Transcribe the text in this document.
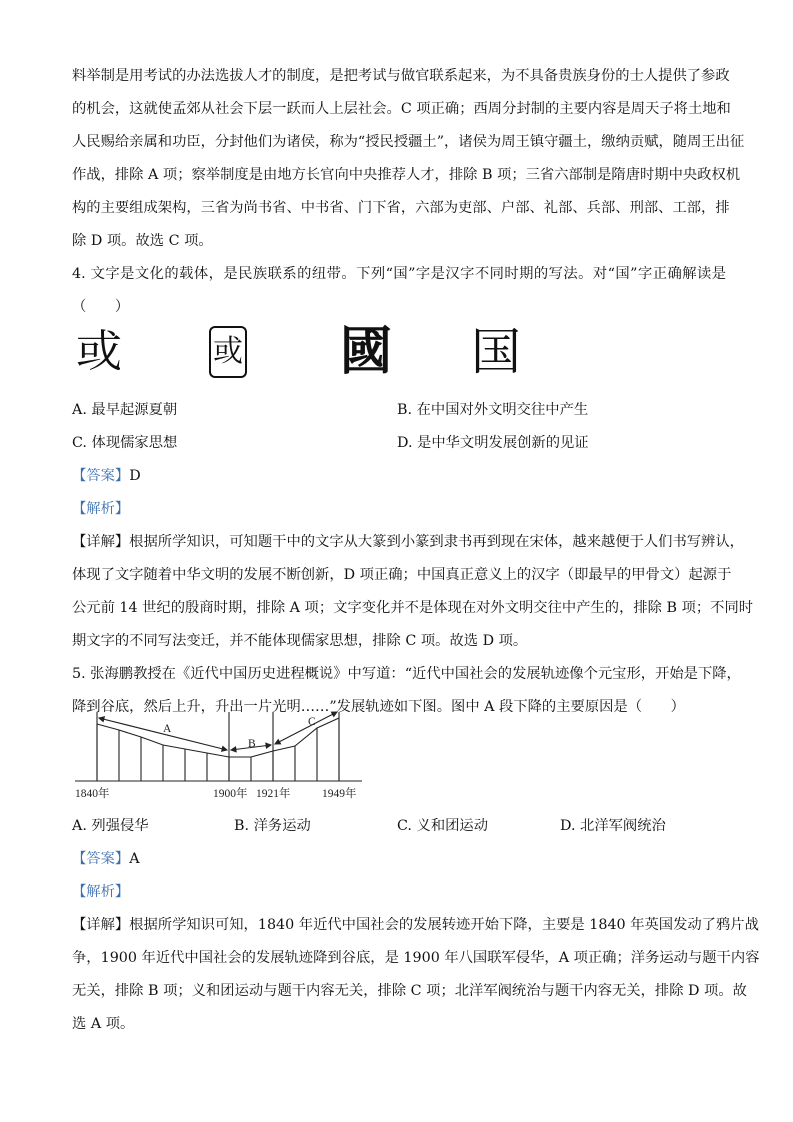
料举制是用考试的办法选拔人才的制度，是把考试与做官联系起来，为不具备贵族身份的士人提供了参政
的机会，这就使孟郊从社会下层一跃而人上层社会。C 项正确；西周分封制的主要内容是周天子将土地和
人民赐给亲属和功臣，分封他们为诸侯，称为“授民授疆土”，诸侯为周王镇守疆土，缴纳贡赋，随周王出征
作战，排除 A 项；察举制度是由地方长官向中央推荐人才，排除 B 项；三省六部制是隋唐时期中央政权机
构的主要组成架构，三省为尚书省、中书省、门下省，六部为吏部、户部、礼部、兵部、刑部、工部，排
除 D 项。故选 C 项。
4. 文字是文化的载体，是民族联系的纽带。下列“国”字是汉字不同时期的写法。对“国”字正确解读是
（　　）
或	或 國 国
A. 最早起源夏朝	B. 在中国对外文明交往中产生
C. 体现儒家思想	D. 是中华文明发展创新的见证
【答案】D
【解析】
【详解】根据所学知识，可知题干中的文字从大篆到小篆到隶书再到现在宋体，越来越便于人们书写辨认，
体现了文字随着中华文明的发展不断创新，D 项正确；中国真正意义上的汉字（即最早的甲骨文）起源于
公元前 14 世纪的殷商时期，排除 A 项；文字变化并不是体现在对外文明交往中产生的，排除 B 项；不同时
期文字的不同写法变迁，并不能体现儒家思想，排除 C 项。故选 D 项。
5. 张海鹏教授在《近代中国历史进程概说》中写道：“近代中国社会的发展轨迹像个元宝形，开始是下降，
降到谷底，然后上升，升出一片光明……”发展轨迹如下图。图中 A 段下降的主要原因是（　　）
A
B
C
1840年	1900年 1921年	1949年
A. 列强侵华	B. 洋务运动	C. 义和团运动	D. 北洋军阀统治
【答案】A
【解析】
【详解】根据所学知识可知，1840 年近代中国社会的发展转迹开始下降，主要是 1840 年英国发动了鸦片战
争，1900 年近代中国社会的发展轨迹降到谷底，是 1900 年八国联军侵华，A 项正确；洋务运动与题干内容
无关，排除 B 项；义和团运动与题干内容无关，排除 C 项；北洋军阀统治与题干内容无关，排除 D 项。故
选 A 项。
